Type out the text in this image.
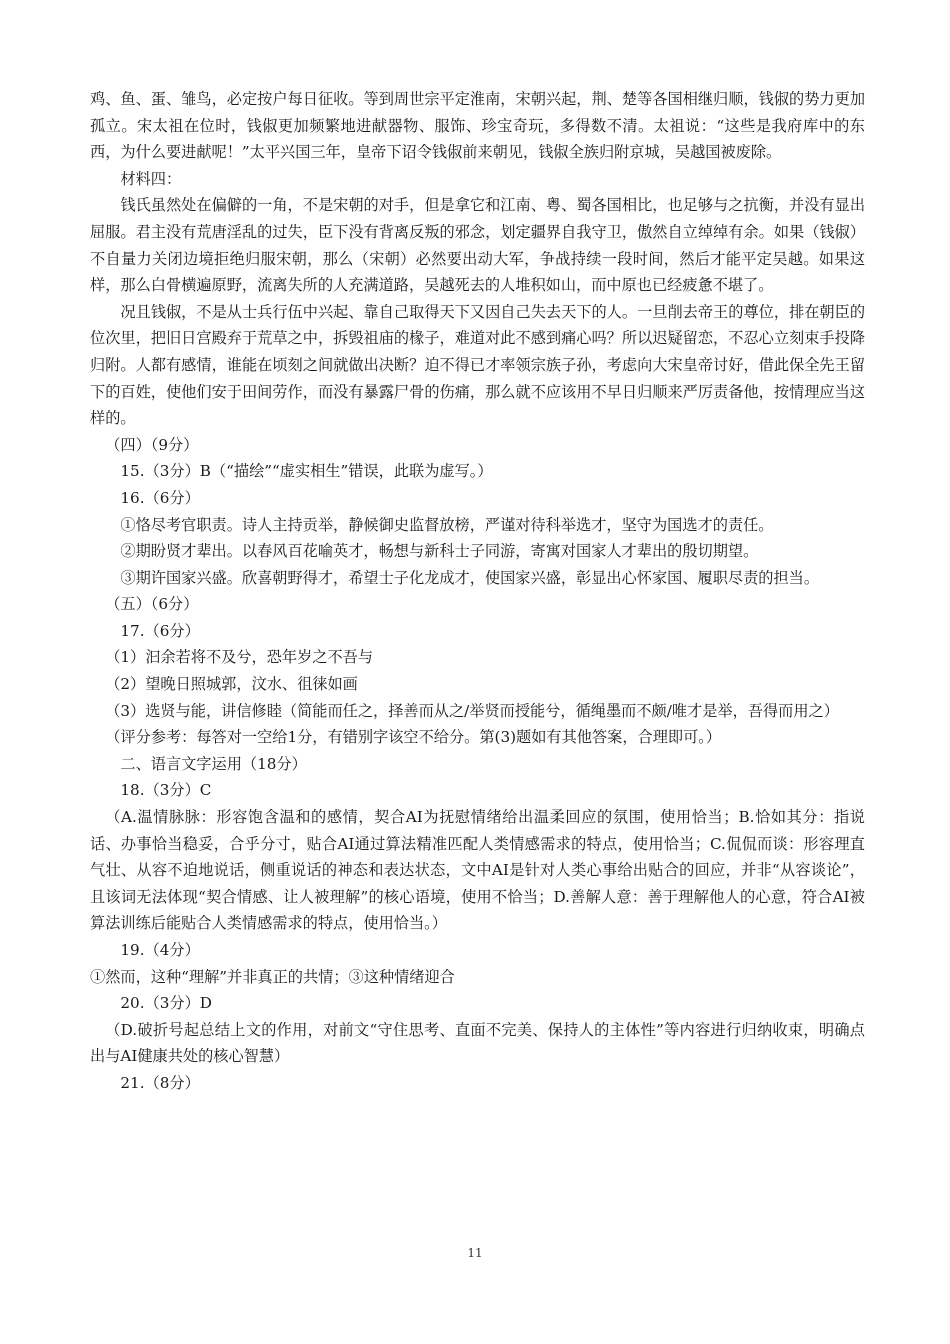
鸡、鱼、蛋、雏鸟，必定按户每日征收。等到周世宗平定淮南，宋朝兴起，荆、楚等各国相继归顺，钱俶的势力更加孤立。宋太祖在位时，钱俶更加频繁地进献器物、服饰、珍宝奇玩，多得数不清。太祖说：“这些是我府库中的东西，为什么要进献呢！”太平兴国三年，皇帝下诏令钱俶前来朝见，钱俶全族归附京城，吴越国被废除。

材料四：

钱氏虽然处在偏僻的一角，不是宋朝的对手，但是拿它和江南、粤、蜀各国相比，也足够与之抗衡，并没有显出屈服。君主没有荒唐淫乱的过失，臣下没有背离反叛的邪念，划定疆界自我守卫，傲然自立绰绰有余。如果（钱俶）不自量力关闭边境拒绝归服宋朝，那么（宋朝）必然要出动大军，争战持续一段时间，然后才能平定吴越。如果这样，那么白骨横遍原野，流离失所的人充满道路，吴越死去的人堆积如山，而中原也已经疲惫不堪了。

况且钱俶，不是从士兵行伍中兴起、靠自己取得天下又因自己失去天下的人。一旦削去帝王的尊位，排在朝臣的位次里，把旧日宫殿弃于荒草之中，拆毁祖庙的椽子，难道对此不感到痛心吗？所以迟疑留恋，不忍心立刻束手投降归附。人都有感情，谁能在顷刻之间就做出决断？迫不得已才率领宗族子孙，考虑向大宋皇帝讨好，借此保全先王留下的百姓，使他们安于田间劳作，而没有暴露尸骨的伤痛，那么就不应该用不早日归顺来严厉责备他，按情理应当这样的。

（四）（9分）

15.（3分）B（“描绘”“虚实相生”错误，此联为虚写。）

16.（6分）

①恪尽考官职责。诗人主持贡举，静候御史监督放榜，严谨对待科举选才，坚守为国选才的责任。

②期盼贤才辈出。以春风百花喻英才，畅想与新科士子同游，寄寓对国家人才辈出的殷切期望。

③期许国家兴盛。欣喜朝野得才，希望士子化龙成才，使国家兴盛，彰显出心怀家国、履职尽责的担当。

（五）（6分）

17.（6分）

（1）汩余若将不及兮，恐年岁之不吾与

（2）望晚日照城郭，汶水、徂徕如画

（3）选贤与能，讲信修睦（简能而任之，择善而从之/举贤而授能兮，循绳墨而不颇/唯才是举，吾得而用之）

（评分参考：每答对一空给1分，有错别字该空不给分。第(3)题如有其他答案，合理即可。）

二、语言文字运用（18分）

18.（3分）C

（A.温情脉脉：形容饱含温和的感情，契合AI为抚慰情绪给出温柔回应的氛围，使用恰当；B.恰如其分：指说话、办事恰当稳妥，合乎分寸，贴合AI通过算法精准匹配人类情感需求的特点，使用恰当；C.侃侃而谈：形容理直气壮、从容不迫地说话，侧重说话的神态和表达状态，文中AI是针对人类心事给出贴合的回应，并非“从容谈论”，且该词无法体现“契合情感、让人被理解”的核心语境，使用不恰当；D.善解人意：善于理解他人的心意，符合AI被算法训练后能贴合人类情感需求的特点，使用恰当。）

19.（4分）

①然而，这种“理解”并非真正的共情；③这种情绪迎合

20.（3分）D

（D.破折号起总结上文的作用，对前文“守住思考、直面不完美、保持人的主体性”等内容进行归纳收束，明确点出与AI健康共处的核心智慧）

21.（8分）

11
